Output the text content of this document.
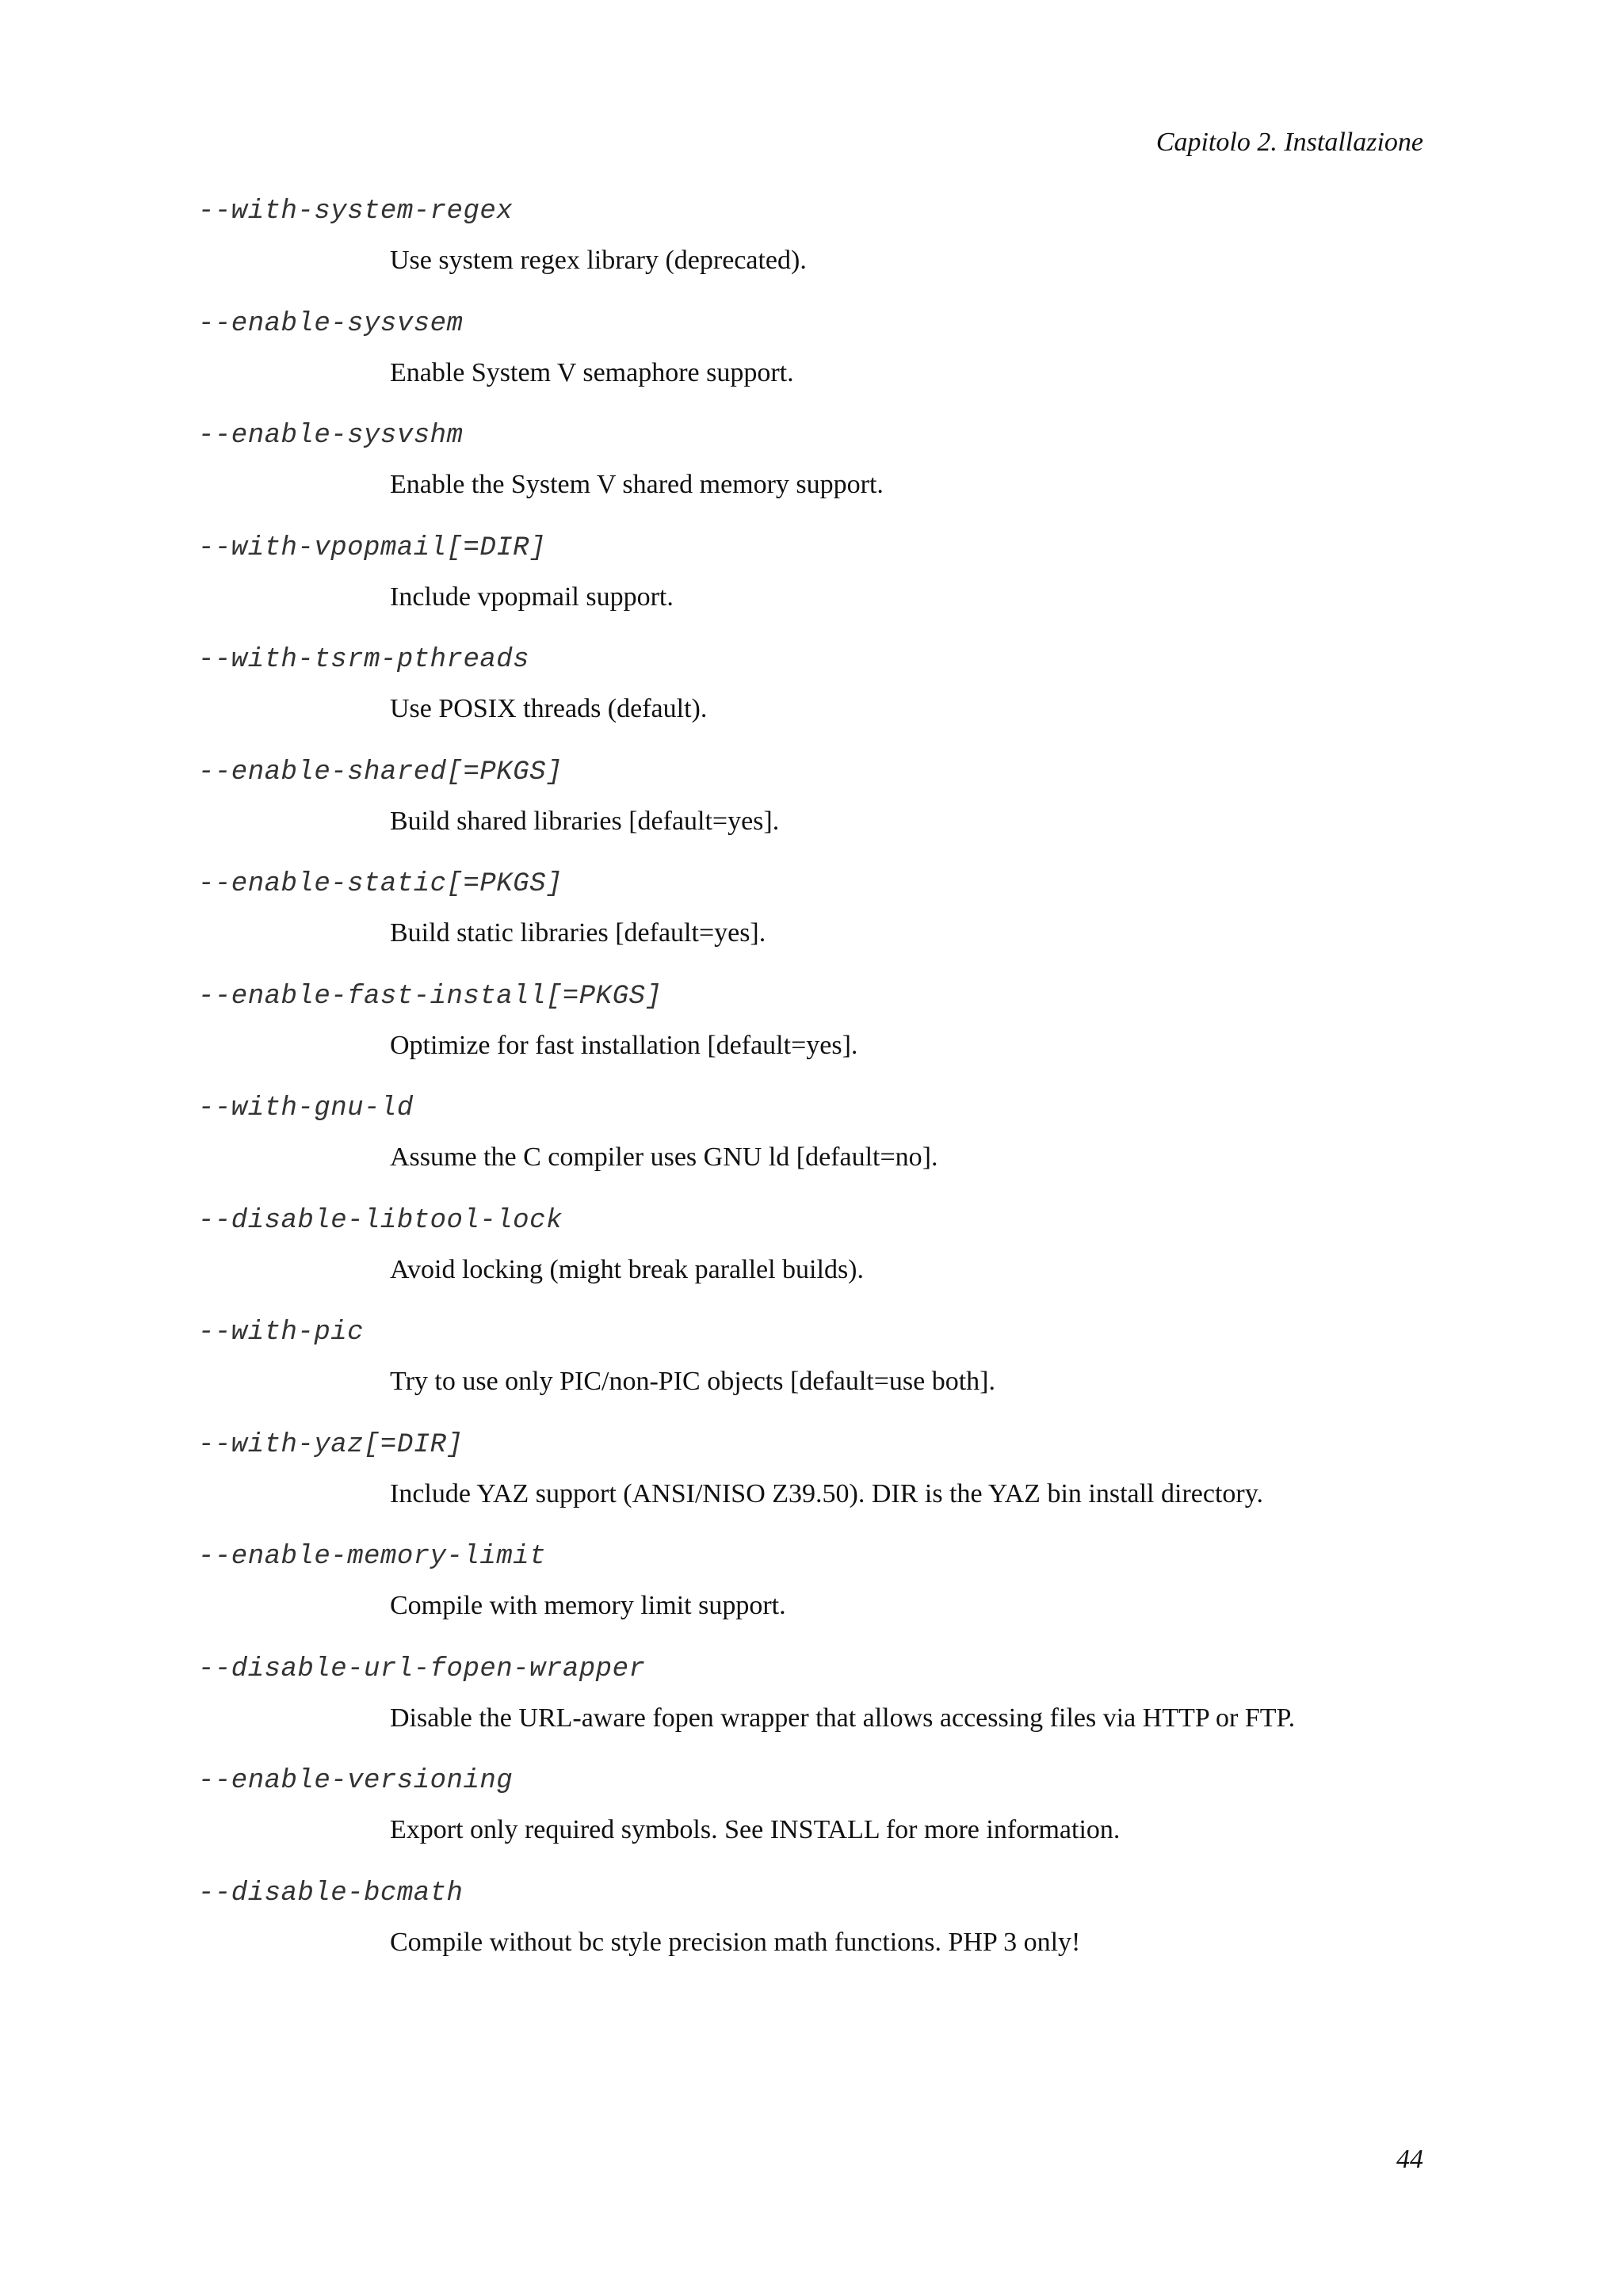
Capitolo 2. Installazione
--with-system-regex
Use system regex library (deprecated).
--enable-sysvsem
Enable System V semaphore support.
--enable-sysvshm
Enable the System V shared memory support.
--with-vpopmail[=DIR]
Include vpopmail support.
--with-tsrm-pthreads
Use POSIX threads (default).
--enable-shared[=PKGS]
Build shared libraries [default=yes].
--enable-static[=PKGS]
Build static libraries [default=yes].
--enable-fast-install[=PKGS]
Optimize for fast installation [default=yes].
--with-gnu-ld
Assume the C compiler uses GNU ld [default=no].
--disable-libtool-lock
Avoid locking (might break parallel builds).
--with-pic
Try to use only PIC/non-PIC objects [default=use both].
--with-yaz[=DIR]
Include YAZ support (ANSI/NISO Z39.50). DIR is the YAZ bin install directory.
--enable-memory-limit
Compile with memory limit support.
--disable-url-fopen-wrapper
Disable the URL-aware fopen wrapper that allows accessing files via HTTP or FTP.
--enable-versioning
Export only required symbols. See INSTALL for more information.
--disable-bcmath
Compile without bc style precision math functions. PHP 3 only!
44
